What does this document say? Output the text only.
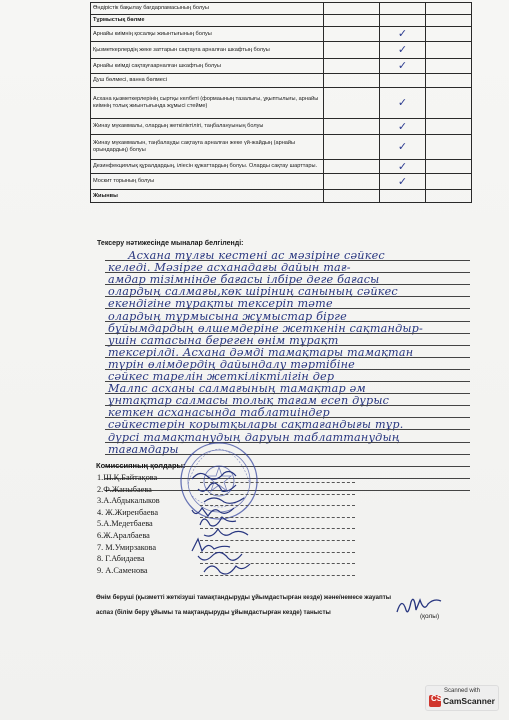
Өндірістік бақылау бағдарламасының болуы		

Тұрмыстық бөлме		

Арнайы киімнің қосалқы жиынтығының болуы		✓	

Қызметкерлердің жеке заттарын сақтауға арналған шкафтың болуы		✓	

Арнайы киімді сақтауғаарналған шкафтың болуы		✓	

Душ бөлмесі, ванна бөлмесі		

Асхана қызметкерлерінің сыртқы келбеті (формаының тазалығы, ұқыптылығы, арнайы киімнің толық жиынтығында жұмысі стейме)		✓	

Жинау мүкаммалы, олардың жеткіліктілігі, таңбалануының болуы		✓	

Жинау мүкаммалын, таңбалауды сақтауға арналған жеке үй-жайдың (арнайы орындардың) болуы		✓	

Дезинфекциялық құралдардың, іліесін құжаттардың болуы. Оларды сақтау шарттары.		✓	

Москит торының болуы		✓	

Жиынвы		

Тексеру нәтижесінде мыналар белгіленді:
Асхана тұлғы кестені ас мәзіріне сәйкес
келеді. Мәзірге асханадағы дайын тағ-
амдар тізімнінде бағасы ілбіре деге бағасы
олардың салмағы,көк шіріниң санының сәйкес
екендігіне тұрақты тексеріп тәте
олардың тұрмысына жұмыстар бірге
бұйымдардың өлшемдеріне жеткенін сақтандыр-
ушін сатасына береген өнім тұрақт
тексерілді. Асхана дәмді тамақтары тамақтан
түрін өлімдердің дайындалу тәртібіне
сәйкес тарелін жеткіліктілігін дер
Малпс асханы салмағының тамақтар әм
ұнтақтар салмасы толық тағам есеп дұрыс
кеткен асханасында таблатиіндер
сәйкестерін корытқылары сақтағандығы тұр.
дүрсі тамақтанудың даруын таблаттанудың
тағамдары
Комиссияның қолдары:
1.Ш.Қ.Байтақова
2.Ф.Жаныбаева
3.А.Абдыкалыков
4. Ж.Жиренбаева
5.А.Медетбаева
6.Ж.Аралбаева
7. М.Умирзакова
8. Г.Абидаева
9. А.Саменова
Өнім беруші (қызметті жеткізуші тамақтандыруды ұйымдастырған кезде) және/немесе жауапты
аспаз (білім беру ұйымы та мақтандыруды ұйымдастырған кезде) танысты
(қолы)
Scanned with
CS CamScanner
